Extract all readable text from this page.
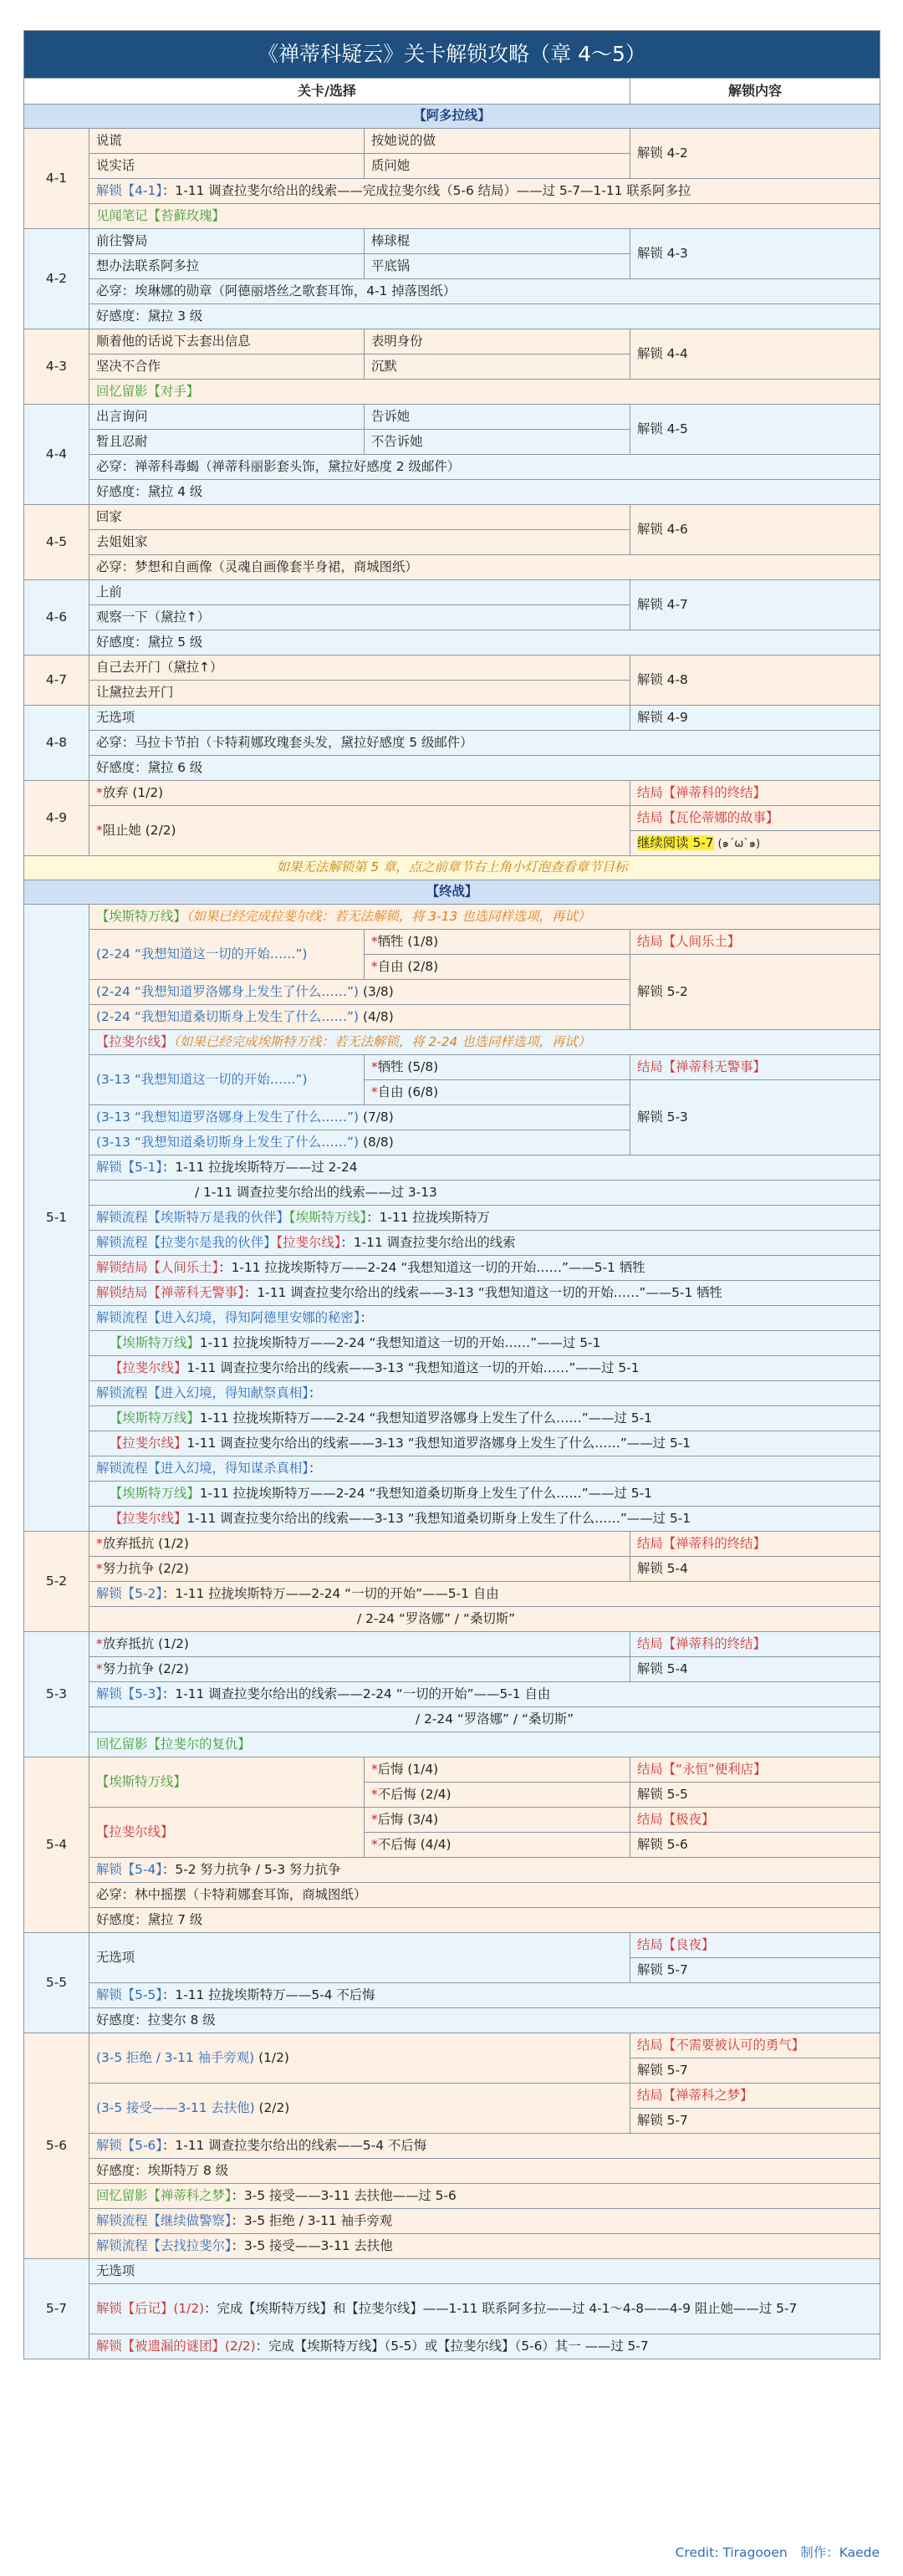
《禅蒂科疑云》关卡解锁攻略（章 4～5）			
关卡/选择			解锁内容
【阿多拉线】			
4-1	说谎	按她说的做	解锁 4-2
	说实话	质问她	
	解锁【4-1】：1-11 调查拉斐尔给出的线索——完成拉斐尔线（5-6 结局）——过 5-7—1-11 联系阿多拉		
	见闻笔记【苔藓玫瑰】		
4-2	前往警局	棒球棍	解锁 4-3
	想办法联系阿多拉	平底锅	
	必穿：埃琳娜的勋章（阿德丽塔丝之歌套耳饰，4-1 掉落图纸）		
	好感度：黛拉 3 级		
4-3	顺着他的话说下去套出信息	表明身份	解锁 4-4
	坚决不合作	沉默	
	回忆留影【对手】		
4-4	出言询问	告诉她	解锁 4-5
	暂且忍耐	不告诉她	
	必穿：禅蒂科毒蝎（禅蒂科丽影套头饰，黛拉好感度 2 级邮件）		
	好感度：黛拉 4 级		
4-5	回家		解锁 4-6
	去姐姐家		
	必穿：梦想和自画像（灵魂自画像套半身裙，商城图纸）		
4-6	上前		解锁 4-7
	观察一下（黛拉↑）		
	好感度：黛拉 5 级		
4-7	自己去开门（黛拉↑）		解锁 4-8
	让黛拉去开门		
4-8	无选项		解锁 4-9
	必穿：马拉卡节拍（卡特莉娜玫瑰套头发，黛拉好感度 5 级邮件）		
	好感度：黛拉 6 级		
4-9	*放弃 (1/2)		结局【禅蒂科的终结】
	*阻止她 (2/2)		结局【瓦伦蒂娜的故事】
			继续阅读 5-7 (๑´ω`๑)
如果无法解锁第 5 章，点之前章节右上角小灯泡查看章节目标			
【终战】			
5-1	【埃斯特万线】（如果已经完成拉斐尔线：若无法解锁，将 3-13 也选同样选项，再试）		
	(2-24 “我想知道这一切的开始……”)	*牺牲 (1/8)	结局【人间乐土】
		*自由 (2/8)	解锁 5-2
	(2-24 “我想知道罗洛娜身上发生了什么……”) (3/8)		
	(2-24 “我想知道桑切斯身上发生了什么……”) (4/8)		
	【拉斐尔线】（如果已经完成埃斯特万线：若无法解锁，将 2-24 也选同样选项，再试）		
	(3-13 “我想知道这一切的开始……”)	*牺牲 (5/8)	结局【禅蒂科无警事】
		*自由 (6/8)	解锁 5-3
	(3-13 “我想知道罗洛娜身上发生了什么……”) (7/8)		
	(3-13 “我想知道桑切斯身上发生了什么……”) (8/8)		
	解锁【5-1】：1-11 拉拢埃斯特万——过 2-24		
	/ 1-11 调查拉斐尔给出的线索——过 3-13		
	解锁流程【埃斯特万是我的伙伴】【埃斯特万线】：1-11 拉拢埃斯特万		
	解锁流程【拉斐尔是我的伙伴】【拉斐尔线】：1-11 调查拉斐尔给出的线索		
	解锁结局【人间乐土】：1-11 拉拢埃斯特万——2-24 “我想知道这一切的开始……”——5-1 牺牲		
	解锁结局【禅蒂科无警事】：1-11 调查拉斐尔给出的线索——3-13 “我想知道这一切的开始……”——5-1 牺牲		
	解锁流程【进入幻境，得知阿德里安娜的秘密】：		
	【埃斯特万线】1-11 拉拢埃斯特万——2-24 “我想知道这一切的开始……”——过 5-1		
	【拉斐尔线】1-11 调查拉斐尔给出的线索——3-13 “我想知道这一切的开始……”——过 5-1		
	解锁流程【进入幻境，得知献祭真相】：		
	【埃斯特万线】1-11 拉拢埃斯特万——2-24 “我想知道罗洛娜身上发生了什么……”——过 5-1		
	【拉斐尔线】1-11 调查拉斐尔给出的线索——3-13 “我想知道罗洛娜身上发生了什么……”——过 5-1		
	解锁流程【进入幻境，得知谋杀真相】：		
	【埃斯特万线】1-11 拉拢埃斯特万——2-24 “我想知道桑切斯身上发生了什么……”——过 5-1		
	【拉斐尔线】1-11 调查拉斐尔给出的线索——3-13 “我想知道桑切斯身上发生了什么……”——过 5-1		
5-2	*放弃抵抗 (1/2)		结局【禅蒂科的终结】
	*努力抗争 (2/2)		解锁 5-4
	解锁【5-2】：1-11 拉拢埃斯特万——2-24 “一切的开始”——5-1 自由		
	/ 2-24 “罗洛娜” / “桑切斯”		
5-3	*放弃抵抗 (1/2)		结局【禅蒂科的终结】
	*努力抗争 (2/2)		解锁 5-4
	解锁【5-3】：1-11 调查拉斐尔给出的线索——2-24 “一切的开始”——5-1 自由		
	/ 2-24 “罗洛娜” / “桑切斯”		
	回忆留影【拉斐尔的复仇】		
5-4	【埃斯特万线】	*后悔 (1/4)	结局【“永恒”便利店】
		*不后悔 (2/4)	解锁 5-5
	【拉斐尔线】	*后悔 (3/4)	结局【极夜】
		*不后悔 (4/4)	解锁 5-6
	解锁【5-4】：5-2 努力抗争 / 5-3 努力抗争		
	必穿：林中摇摆（卡特莉娜套耳饰，商城图纸）		
	好感度：黛拉 7 级		
5-5	无选项		结局【良夜】
			解锁 5-7
	解锁【5-5】：1-11 拉拢埃斯特万——5-4 不后悔		
	好感度：拉斐尔 8 级		
5-6	(3-5 拒绝 / 3-11 袖手旁观) (1/2)		结局【不需要被认可的勇气】
			解锁 5-7
	(3-5 接受——3-11 去扶他) (2/2)		结局【禅蒂科之梦】
			解锁 5-7
	解锁【5-6】：1-11 调查拉斐尔给出的线索——5-4 不后悔		
	好感度：埃斯特万 8 级		
	回忆留影【禅蒂科之梦】：3-5 接受——3-11 去扶他——过 5-6		
	解锁流程【继续做警察】：3-5 拒绝 / 3-11 袖手旁观		
	解锁流程【去找拉斐尔】：3-5 接受——3-11 去扶他		
5-7	无选项		
	解锁【后记】(1/2)：完成【埃斯特万线】和【拉斐尔线】——1-11 联系阿多拉——过 4-1～4-8——4-9 阻止她——过 5-7		
	解锁【被遗漏的谜团】(2/2)：完成【埃斯特万线】（5-5）或【拉斐尔线】（5-6）其一 ——过 5-7		
Credit: Tiragooen　制作：Kaede
